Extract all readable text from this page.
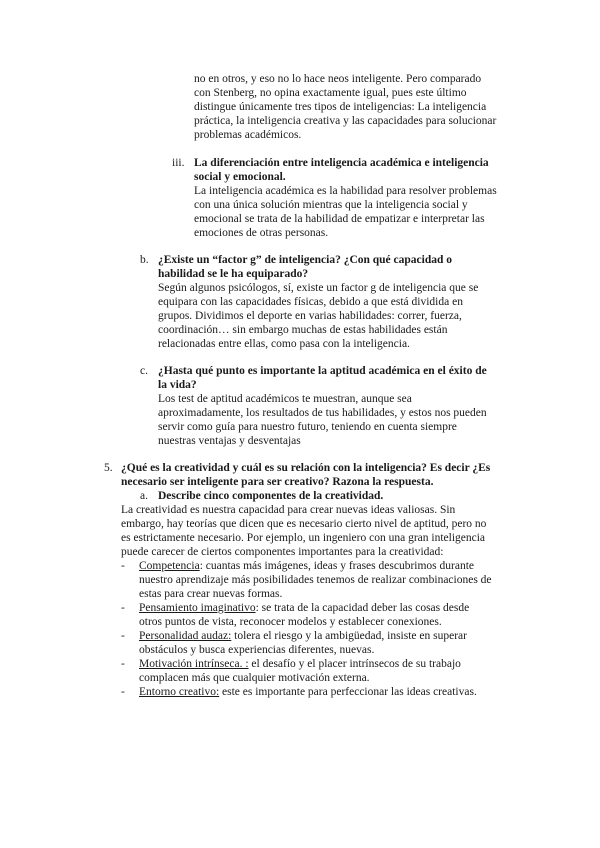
no en otros, y eso no lo hace neos inteligente. Pero comparado
con Stenberg, no opina exactamente igual, pues este último
distingue únicamente tres tipos de inteligencias: La inteligencia
práctica, la inteligencia creativa y las capacidades para solucionar
problemas académicos.
iii. La diferenciación entre inteligencia académica e inteligencia
social y emocional.
La inteligencia académica es la habilidad para resolver problemas
con una única solución mientras que la inteligencia social y
emocional se trata de la habilidad de empatizar e interpretar las
emociones de otras personas.
b. ¿Existe un “factor g” de inteligencia? ¿Con qué capacidad o
habilidad se le ha equiparado?
Según algunos psicólogos, sí, existe un factor g de inteligencia que se
equipara con las capacidades físicas, debido a que está dividida en
grupos. Dividimos el deporte en varias habilidades: correr, fuerza,
coordinación… sin embargo muchas de estas habilidades están
relacionadas entre ellas, como pasa con la inteligencia.
c. ¿Hasta qué punto es importante la aptitud académica en el éxito de
la vida?
Los test de aptitud académicos te muestran, aunque sea
aproximadamente, los resultados de tus habilidades, y estos nos pueden
servir como guía para nuestro futuro, teniendo en cuenta siempre
nuestras ventajas y desventajas
5. ¿Qué es la creatividad y cuál es su relación con la inteligencia? Es decir ¿Es
necesario ser inteligente para ser creativo? Razona la respuesta.
a. Describe cinco componentes de la creatividad.
La creatividad es nuestra capacidad para crear nuevas ideas valiosas. Sin
embargo, hay teorías que dicen que es necesario cierto nivel de aptitud, pero no
es estrictamente necesario. Por ejemplo, un ingeniero con una gran inteligencia
puede carecer de ciertos componentes importantes para la creatividad:
- Competencia: cuantas más imágenes, ideas y frases descubrimos durante
nuestro aprendizaje más posibilidades tenemos de realizar combinaciones de
estas para crear nuevas formas.
- Pensamiento imaginativo: se trata de la capacidad deber las cosas desde
otros puntos de vista, reconocer modelos y establecer conexiones.
- Personalidad audaz: tolera el riesgo y la ambigüedad, insiste en superar
obstáculos y busca experiencias diferentes, nuevas.
- Motivación intrínseca. : el desafío y el placer intrínsecos de su trabajo
complacen más que cualquier motivación externa.
- Entorno creativo: este es importante para perfeccionar las ideas creativas.
